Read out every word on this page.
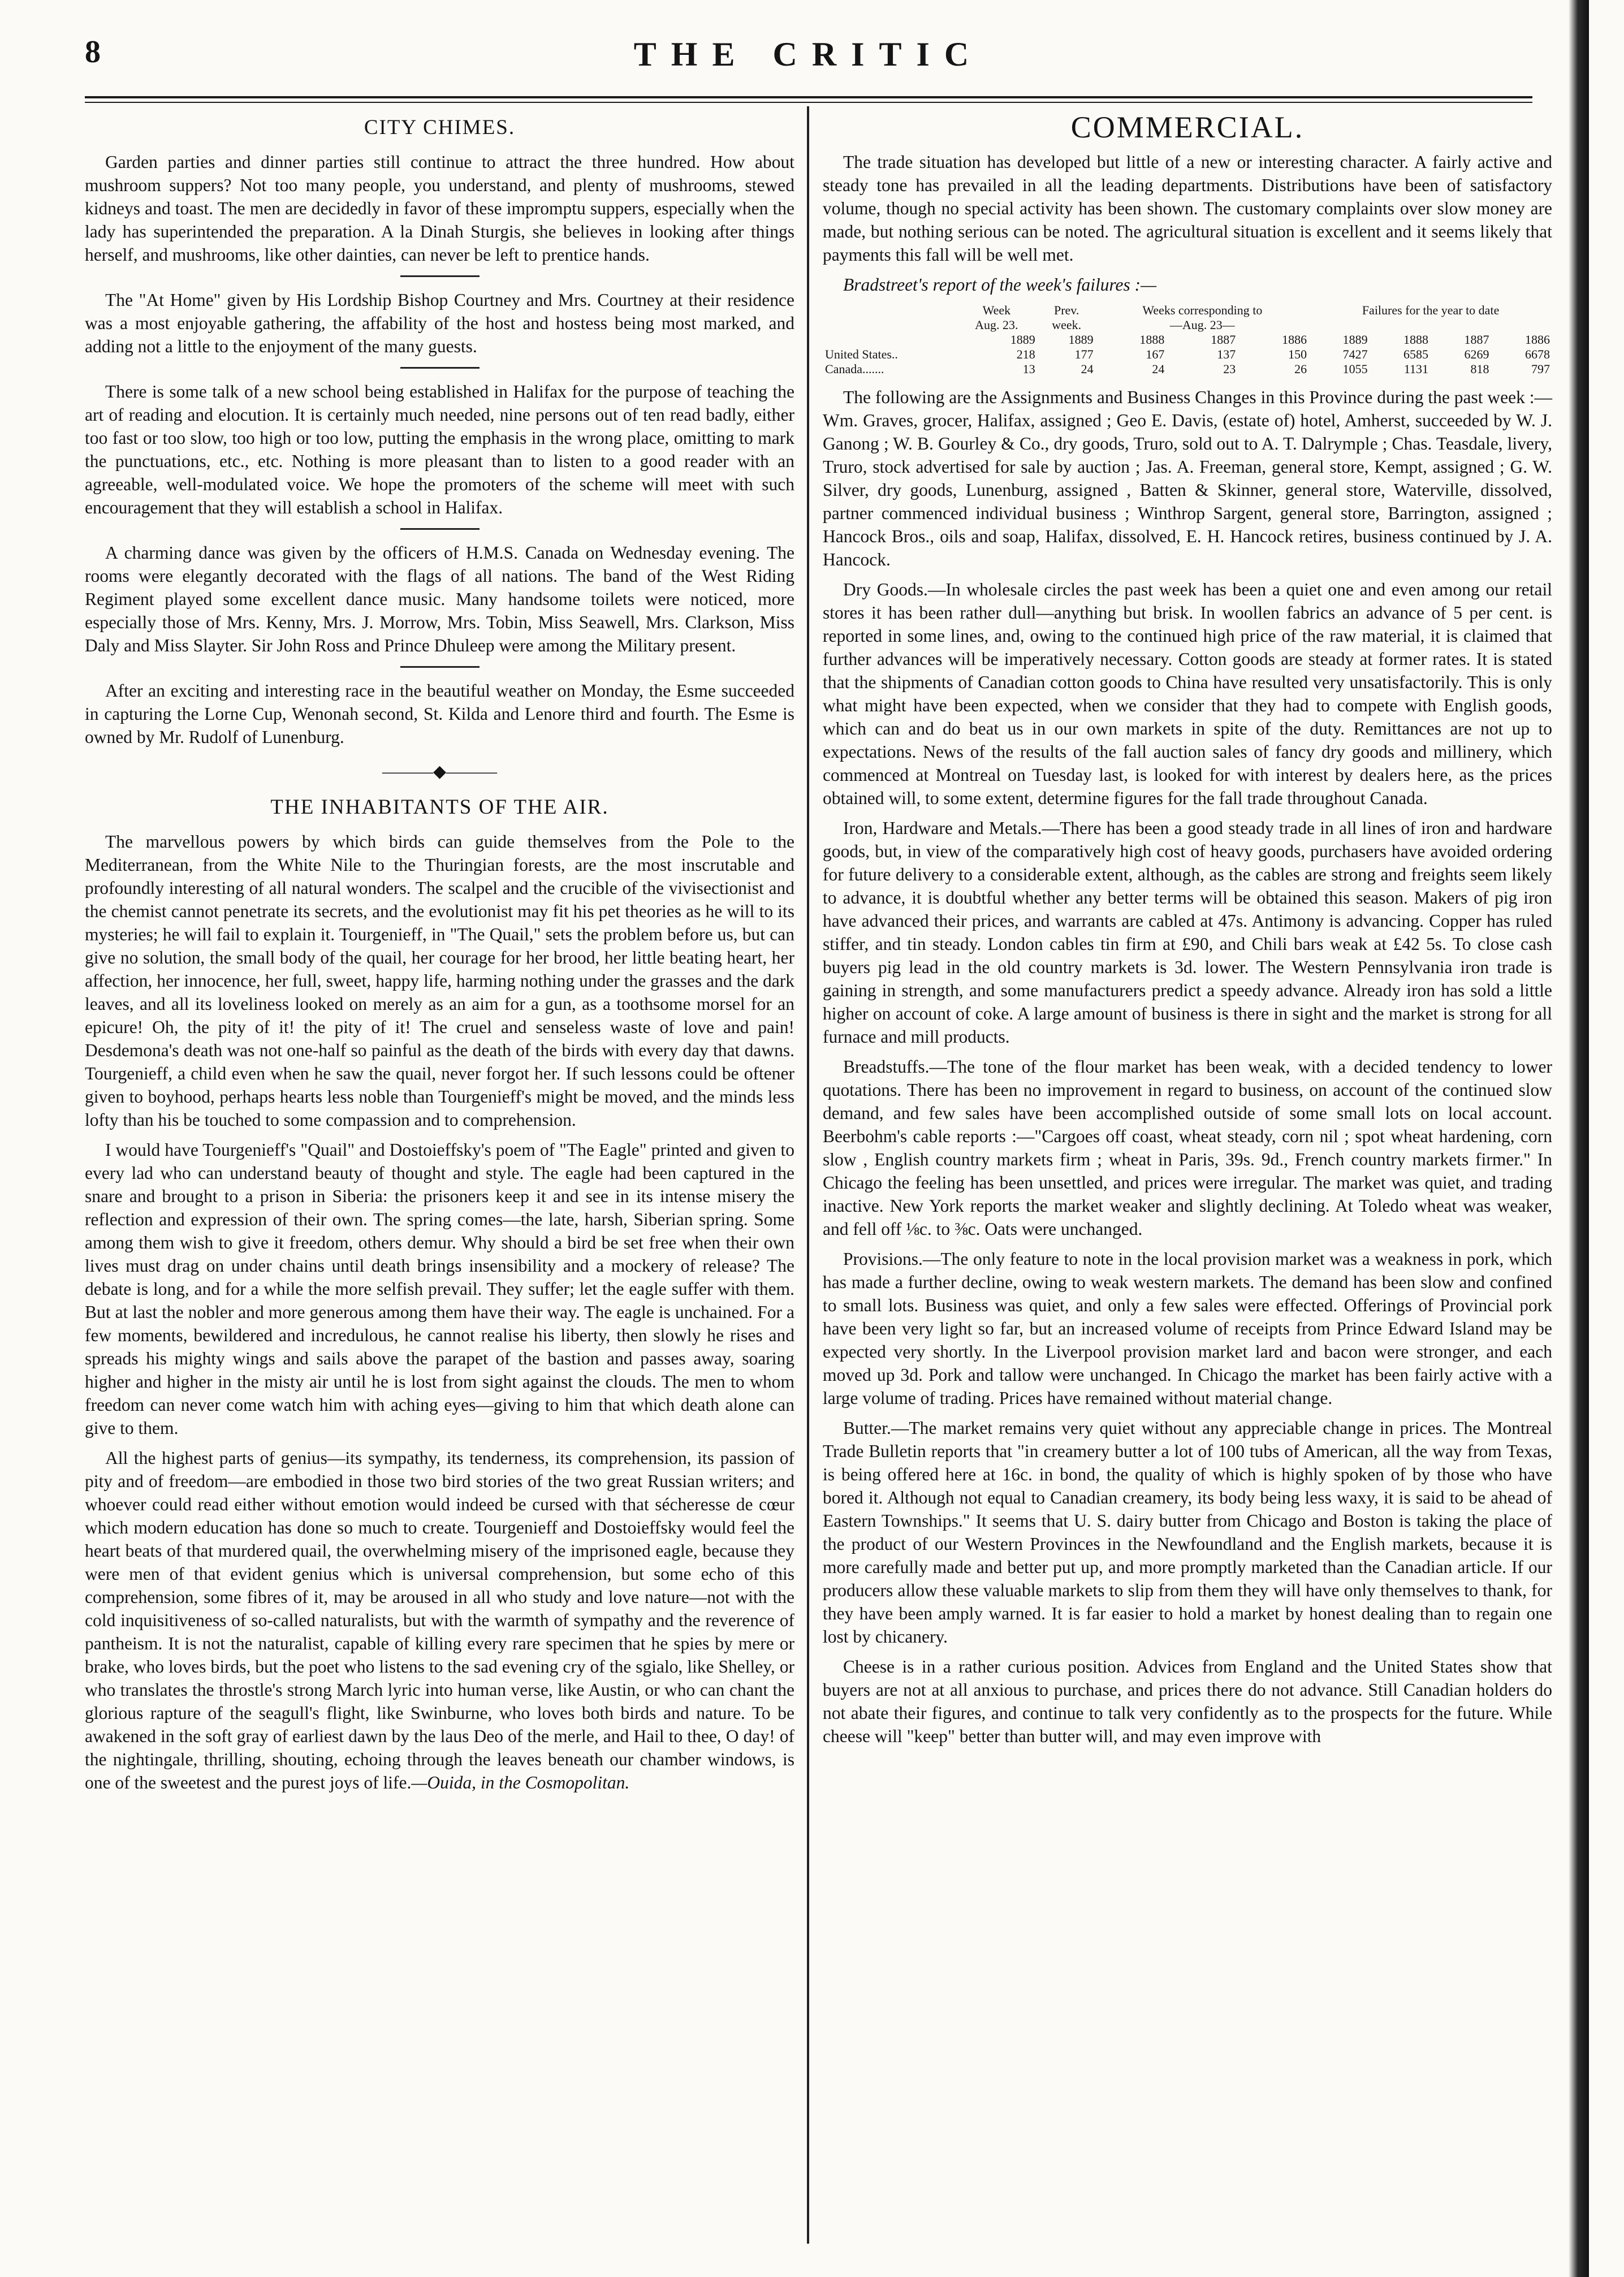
8	THE CRITIC
CITY CHIMES.

Garden parties and dinner parties still continue to attract the three hundred. How about mushroom suppers? Not too many people, you understand, and plenty of mushrooms, stewed kidneys and toast. The men are decidedly in favor of these impromptu suppers, especially when the lady has superintended the preparation. A la Dinah Sturgis, she believes in looking after things herself, and mushrooms, like other dainties, can never be left to prentice hands.

The "At Home" given by His Lordship Bishop Courtney and Mrs. Courtney at their residence was a most enjoyable gathering, the affability of the host and hostess being most marked, and adding not a little to the enjoyment of the many guests.

There is some talk of a new school being established in Halifax for the purpose of teaching the art of reading and elocution. It is certainly much needed, nine persons out of ten read badly, either too fast or too slow, too high or too low, putting the emphasis in the wrong place, omitting to mark the punctuations, etc., etc. Nothing is more pleasant than to listen to a good reader with an agreeable, well-modulated voice. We hope the promoters of the scheme will meet with such encouragement that they will establish a school in Halifax.

A charming dance was given by the officers of H.M.S. Canada on Wednesday evening. The rooms were elegantly decorated with the flags of all nations. The band of the West Riding Regiment played some excellent dance music. Many handsome toilets were noticed, more especially those of Mrs. Kenny, Mrs. J. Morrow, Mrs. Tobin, Miss Seawell, Mrs. Clarkson, Miss Daly and Miss Slayter. Sir John Ross and Prince Dhuleep were among the Military present.

After an exciting and interesting race in the beautiful weather on Monday, the Esme succeeded in capturing the Lorne Cup, Wenonah second, St. Kilda and Lenore third and fourth. The Esme is owned by Mr. Rudolf of Lunenburg.

———◆———
THE INHABITANTS OF THE AIR.

The marvellous powers by which birds can guide themselves from the Pole to the Mediterranean, from the White Nile to the Thuringian forests, are the most inscrutable and profoundly interesting of all natural wonders. The scalpel and the crucible of the vivisectionist and the chemist cannot penetrate its secrets, and the evolutionist may fit his pet theories as he will to its mysteries; he will fail to explain it. Tourgenieff, in "The Quail," sets the problem before us, but can give no solution, the small body of the quail, her courage for her brood, her little beating heart, her affection, her innocence, her full, sweet, happy life, harming nothing under the grasses and the dark leaves, and all its loveliness looked on merely as an aim for a gun, as a toothsome morsel for an epicure! Oh, the pity of it! the pity of it! The cruel and senseless waste of love and pain! Desdemona's death was not one-half so painful as the death of the birds with every day that dawns. Tourgenieff, a child even when he saw the quail, never forgot her. If such lessons could be oftener given to boyhood, perhaps hearts less noble than Tourgenieff's might be moved, and the minds less lofty than his be touched to some compassion and to comprehension.

I would have Tourgenieff's "Quail" and Dostoieffsky's poem of "The Eagle" printed and given to every lad who can understand beauty of thought and style. The eagle had been captured in the snare and brought to a prison in Siberia: the prisoners keep it and see in its intense misery the reflection and expression of their own. The spring comes—the late, harsh, Siberian spring. Some among them wish to give it freedom, others demur. Why should a bird be set free when their own lives must drag on under chains until death brings insensibility and a mockery of release? The debate is long, and for a while the more selfish prevail. They suffer; let the eagle suffer with them. But at last the nobler and more generous among them have their way. The eagle is unchained. For a few moments, bewildered and incredulous, he cannot realise his liberty, then slowly he rises and spreads his mighty wings and sails above the parapet of the bastion and passes away, soaring higher and higher in the misty air until he is lost from sight against the clouds. The men to whom freedom can never come watch him with aching eyes—giving to him that which death alone can give to them.

All the highest parts of genius—its sympathy, its tenderness, its comprehension, its passion of pity and of freedom—are embodied in those two bird stories of the two great Russian writers; and whoever could read either without emotion would indeed be cursed with that sécheresse de cœur which modern education has done so much to create. Tourgenieff and Dostoieffsky would feel the heart beats of that murdered quail, the overwhelming misery of the imprisoned eagle, because they were men of that evident genius which is universal comprehension, but some echo of this comprehension, some fibres of it, may be aroused in all who study and love nature—not with the cold inquisitiveness of so-called naturalists, but with the warmth of sympathy and the reverence of pantheism. It is not the naturalist, capable of killing every rare specimen that he spies by mere or brake, who loves birds, but the poet who listens to the sad evening cry of the sgialo, like Shelley, or who translates the throstle's strong March lyric into human verse, like Austin, or who can chant the glorious rapture of the seagull's flight, like Swinburne, who loves both birds and nature. To be awakened in the soft gray of earliest dawn by the laus Deo of the merle, and Hail to thee, O day! of the nightingale, thrilling, shouting, echoing through the leaves beneath our chamber windows, is one of the sweetest and the purest joys of life.—Ouida, in the Cosmopolitan.

COMMERCIAL.

The trade situation has developed but little of a new or interesting character. A fairly active and steady tone has prevailed in all the leading departments. Distributions have been of satisfactory volume, though no special activity has been shown. The customary complaints over slow money are made, but nothing serious can be noted. The agricultural situation is excellent and it seems likely that payments this fall will be well met.

Bradstreet's report of the week's failures :—

	Week	Prev.	Weeks corresponding to			Failures for the year to date			
	Aug. 23.	week.	—Aug. 23—						
	1889	1889	1888	1887	1886	1889	1888	1887	1886
United States..	218	177	167	137	150	7427	6585	6269	6678
Canada.......	13	24	24	23	26	1055	1131	818	797

The following are the Assignments and Business Changes in this Province during the past week :—Wm. Graves, grocer, Halifax, assigned ; Geo E. Davis, (estate of) hotel, Amherst, succeeded by W. J. Ganong ; W. B. Gourley & Co., dry goods, Truro, sold out to A. T. Dalrymple ; Chas. Teasdale, livery, Truro, stock advertised for sale by auction ; Jas. A. Freeman, general store, Kempt, assigned ; G. W. Silver, dry goods, Lunenburg, assigned , Batten & Skinner, general store, Waterville, dissolved, partner commenced individual business ; Winthrop Sargent, general store, Barrington, assigned ; Hancock Bros., oils and soap, Halifax, dissolved, E. H. Hancock retires, business continued by J. A. Hancock.

Dry Goods.—In wholesale circles the past week has been a quiet one and even among our retail stores it has been rather dull—anything but brisk. In woollen fabrics an advance of 5 per cent. is reported in some lines, and, owing to the continued high price of the raw material, it is claimed that further advances will be imperatively necessary. Cotton goods are steady at former rates. It is stated that the shipments of Canadian cotton goods to China have resulted very unsatisfactorily. This is only what might have been expected, when we consider that they had to compete with English goods, which can and do beat us in our own markets in spite of the duty. Remittances are not up to expectations. News of the results of the fall auction sales of fancy dry goods and millinery, which commenced at Montreal on Tuesday last, is looked for with interest by dealers here, as the prices obtained will, to some extent, determine figures for the fall trade throughout Canada.

Iron, Hardware and Metals.—There has been a good steady trade in all lines of iron and hardware goods, but, in view of the comparatively high cost of heavy goods, purchasers have avoided ordering for future delivery to a considerable extent, although, as the cables are strong and freights seem likely to advance, it is doubtful whether any better terms will be obtained this season. Makers of pig iron have advanced their prices, and warrants are cabled at 47s. Antimony is advancing. Copper has ruled stiffer, and tin steady. London cables tin firm at £90, and Chili bars weak at £42 5s. To close cash buyers pig lead in the old country markets is 3d. lower. The Western Pennsylvania iron trade is gaining in strength, and some manufacturers predict a speedy advance. Already iron has sold a little higher on account of coke. A large amount of business is there in sight and the market is strong for all furnace and mill products.

Breadstuffs.—The tone of the flour market has been weak, with a decided tendency to lower quotations. There has been no improvement in regard to business, on account of the continued slow demand, and few sales have been accomplished outside of some small lots on local account. Beerbohm's cable reports :—"Cargoes off coast, wheat steady, corn nil ; spot wheat hardening, corn slow , English country markets firm ; wheat in Paris, 39s. 9d., French country markets firmer." In Chicago the feeling has been unsettled, and prices were irregular. The market was quiet, and trading inactive. New York reports the market weaker and slightly declining. At Toledo wheat was weaker, and fell off ⅛c. to ⅜c. Oats were unchanged.

Provisions.—The only feature to note in the local provision market was a weakness in pork, which has made a further decline, owing to weak western markets. The demand has been slow and confined to small lots. Business was quiet, and only a few sales were effected. Offerings of Provincial pork have been very light so far, but an increased volume of receipts from Prince Edward Island may be expected very shortly. In the Liverpool provision market lard and bacon were stronger, and each moved up 3d. Pork and tallow were unchanged. In Chicago the market has been fairly active with a large volume of trading. Prices have remained without material change.

Butter.—The market remains very quiet without any appreciable change in prices. The Montreal Trade Bulletin reports that "in creamery butter a lot of 100 tubs of American, all the way from Texas, is being offered here at 16c. in bond, the quality of which is highly spoken of by those who have bored it. Although not equal to Canadian creamery, its body being less waxy, it is said to be ahead of Eastern Townships." It seems that U. S. dairy butter from Chicago and Boston is taking the place of the product of our Western Provinces in the Newfoundland and the English markets, because it is more carefully made and better put up, and more promptly marketed than the Canadian article. If our producers allow these valuable markets to slip from them they will have only themselves to thank, for they have been amply warned. It is far easier to hold a market by honest dealing than to regain one lost by chicanery.

Cheese is in a rather curious position. Advices from England and the United States show that buyers are not at all anxious to purchase, and prices there do not advance. Still Canadian holders do not abate their figures, and continue to talk very confidently as to the prospects for the future. While cheese will "keep" better than butter will, and may even improve with
